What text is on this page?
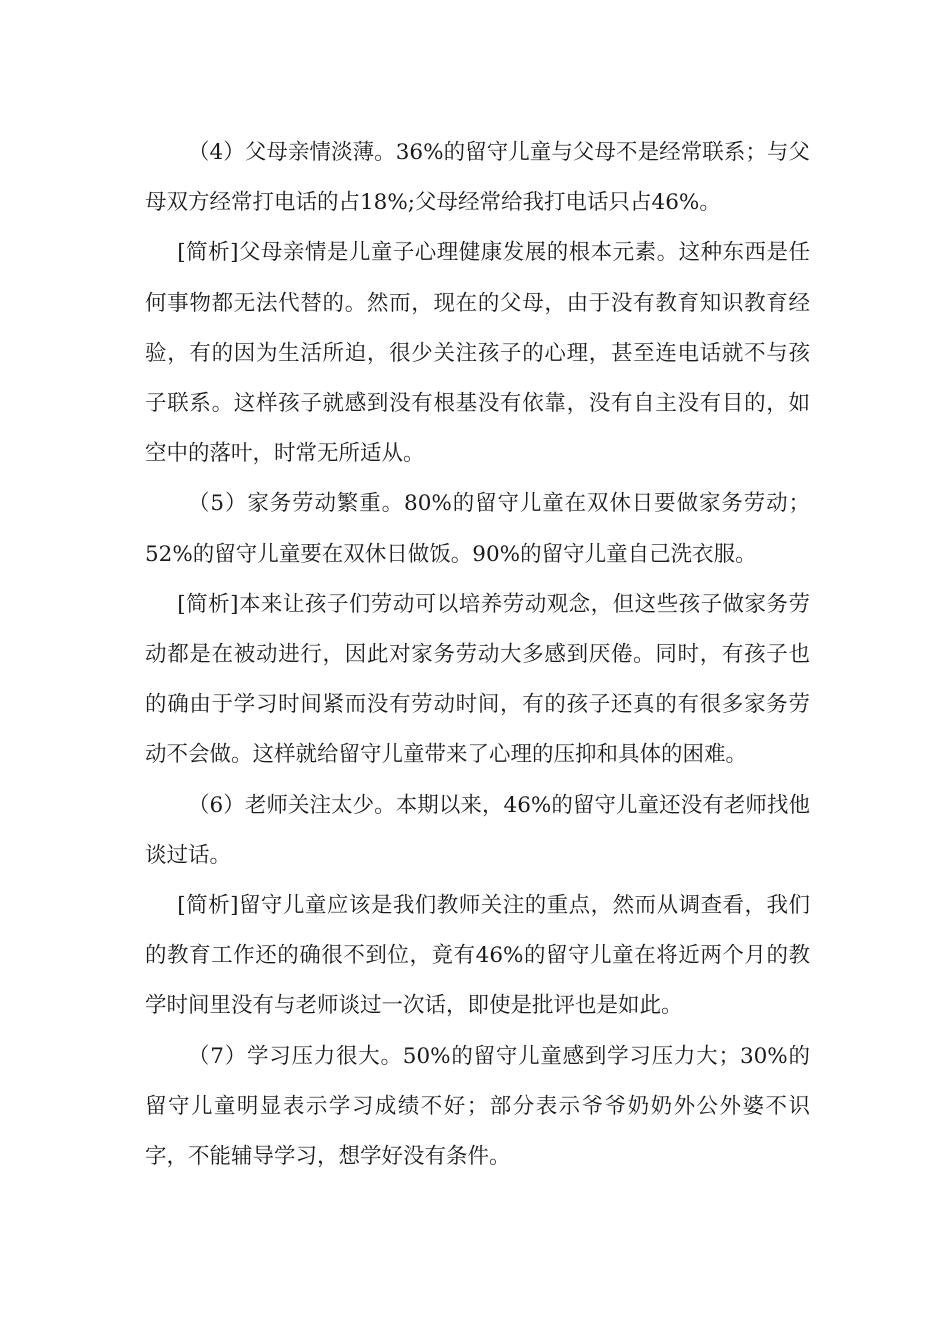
（4）父母亲情淡薄。36%的留守儿童与父母不是经常联系；与父母双方经常打电话的占18%;父母经常给我打电话只占46%。

[简析]父母亲情是儿童子心理健康发展的根本元素。这种东西是任何事物都无法代替的。然而，现在的父母，由于没有教育知识教育经验，有的因为生活所迫，很少关注孩子的心理，甚至连电话就不与孩子联系。这样孩子就感到没有根基没有依靠，没有自主没有目的，如空中的落叶，时常无所适从。

（5）家务劳动繁重。80%的留守儿童在双休日要做家务劳动；52%的留守儿童要在双休日做饭。90%的留守儿童自己洗衣服。

[简析]本来让孩子们劳动可以培养劳动观念，但这些孩子做家务劳动都是在被动进行，因此对家务劳动大多感到厌倦。同时，有孩子也的确由于学习时间紧而没有劳动时间，有的孩子还真的有很多家务劳动不会做。这样就给留守儿童带来了心理的压抑和具体的困难。

（6）老师关注太少。本期以来，46%的留守儿童还没有老师找他谈过话。

[简析]留守儿童应该是我们教师关注的重点，然而从调查看，我们的教育工作还的确很不到位，竟有46%的留守儿童在将近两个月的教学时间里没有与老师谈过一次话，即使是批评也是如此。

（7）学习压力很大。50%的留守儿童感到学习压力大；30%的留守儿童明显表示学习成绩不好；部分表示爷爷奶奶外公外婆不识字，不能辅导学习，想学好没有条件。
